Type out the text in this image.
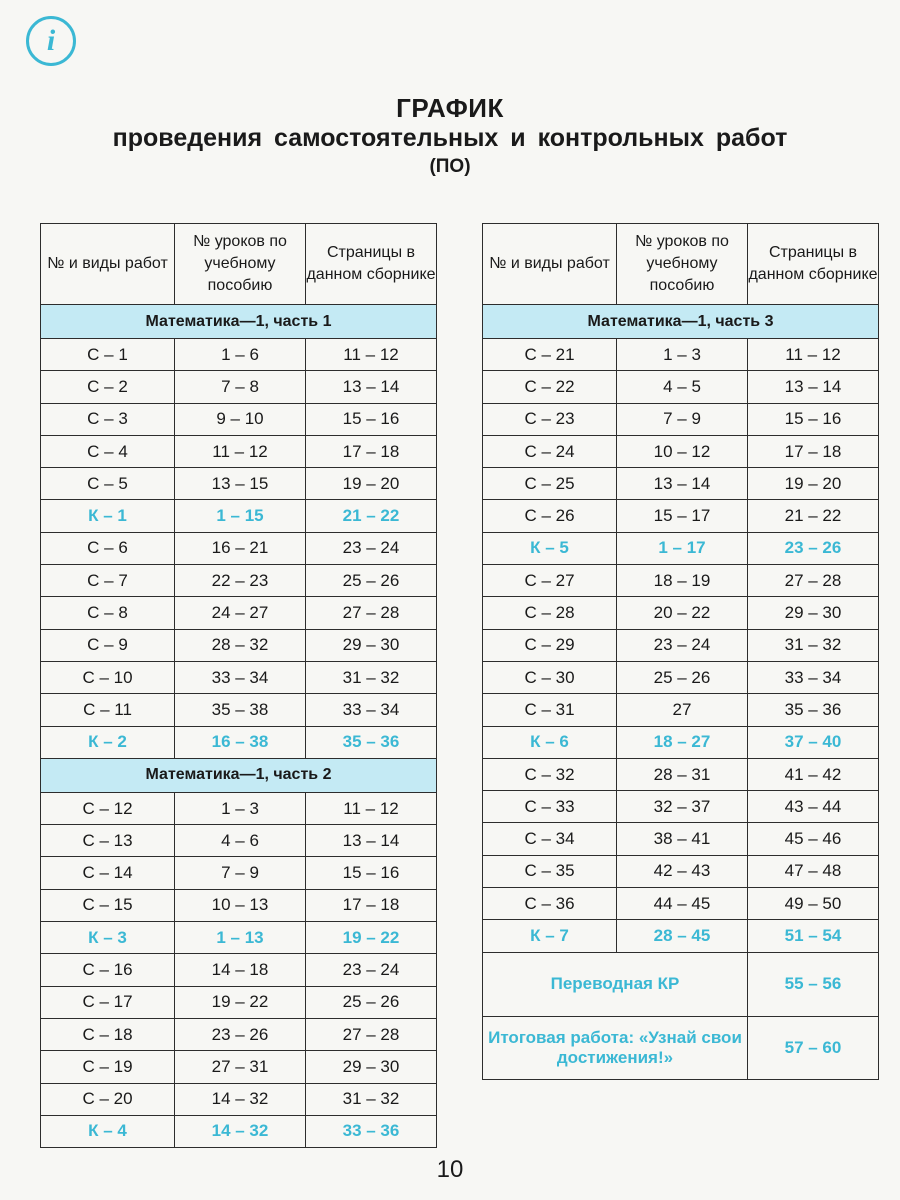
i
ГРАФИК
проведения самостоятельных и контрольных работ
(ПО)
№ и виды работ	№ уроков по учебному пособию	Страницы в данном сборнике
Математика—1, часть 1		
С – 1	1 – 6	11 – 12
С – 2	7 – 8	13 – 14
С – 3	9 – 10	15 – 16
С – 4	11 – 12	17 – 18
С – 5	13 – 15	19 – 20
К – 1	1 – 15	21 – 22
С – 6	16 – 21	23 – 24
С – 7	22 – 23	25 – 26
С – 8	24 – 27	27 – 28
С – 9	28 – 32	29 – 30
С – 10	33 – 34	31 – 32
С – 11	35 – 38	33 – 34
К – 2	16 – 38	35 – 36
Математика—1, часть 2		
С – 12	1 – 3	11 – 12
С – 13	4 – 6	13 – 14
С – 14	7 – 9	15 – 16
С – 15	10 – 13	17 – 18
К – 3	1 – 13	19 – 22
С – 16	14 – 18	23 – 24
С – 17	19 – 22	25 – 26
С – 18	23 – 26	27 – 28
С – 19	27 – 31	29 – 30
С – 20	14 – 32	31 – 32
К – 4	14 – 32	33 – 36
№ и виды работ	№ уроков по учебному пособию	Страницы в данном сборнике
Математика—1, часть 3		
С – 21	1 – 3	11 – 12
С – 22	4 – 5	13 – 14
С – 23	7 – 9	15 – 16
С – 24	10 – 12	17 – 18
С – 25	13 – 14	19 – 20
С – 26	15 – 17	21 – 22
К – 5	1 – 17	23 – 26
С – 27	18 – 19	27 – 28
С – 28	20 – 22	29 – 30
С – 29	23 – 24	31 – 32
С – 30	25 – 26	33 – 34
С – 31	27	35 – 36
К – 6	18 – 27	37 – 40
С – 32	28 – 31	41 – 42
С – 33	32 – 37	43 – 44
С – 34	38 – 41	45 – 46
С – 35	42 – 43	47 – 48
С – 36	44 – 45	49 – 50
К – 7	28 – 45	51 – 54
Переводная КР		55 – 56
Итоговая работа: «Узнай свои достижения!»		57 – 60
10
